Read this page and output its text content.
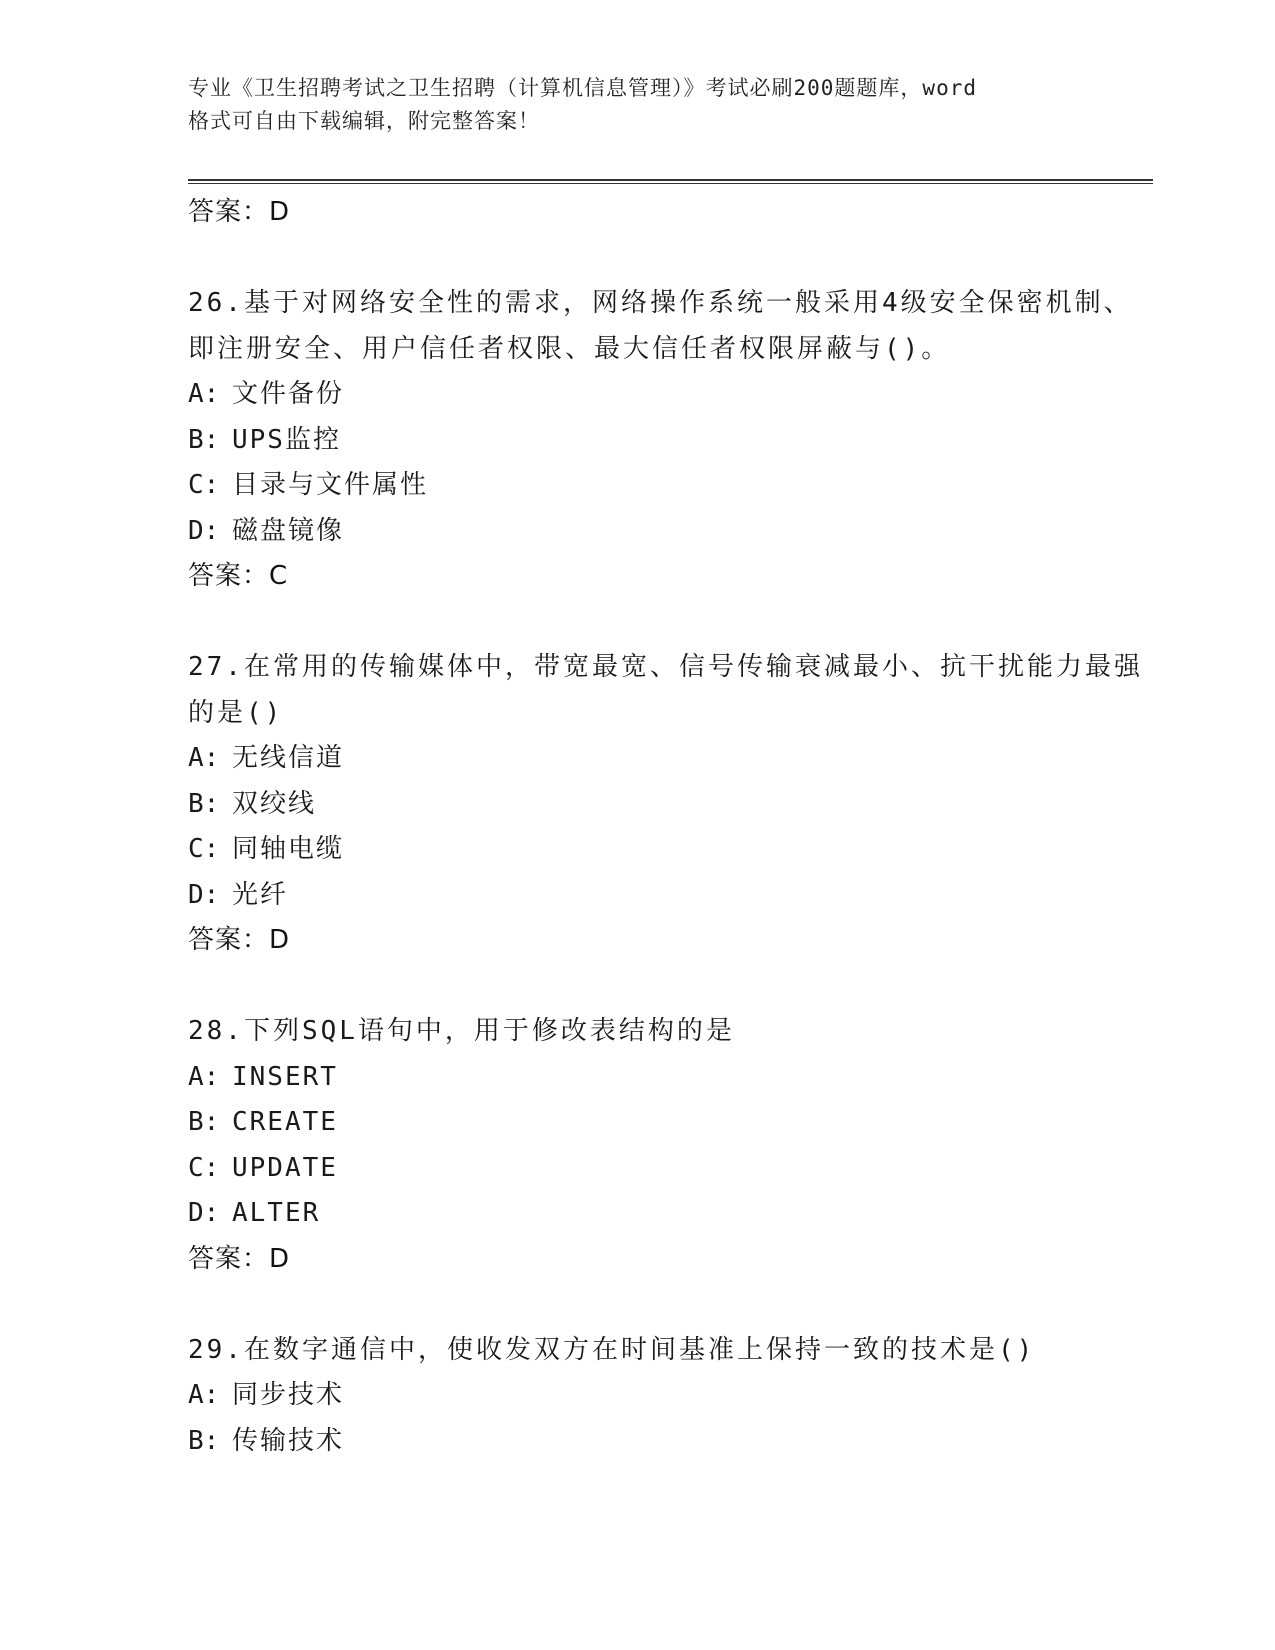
专业《卫生招聘考试之卫生招聘（计算机信息管理）》考试必刷200题题库，word
格式可自由下载编辑，附完整答案！
答案：D
26.基于对网络安全性的需求，网络操作系统一般采用4级安全保密机制、即注册安全、用户信任者权限、最大信任者权限屏蔽与()。
A: 文件备份
B: UPS监控
C: 目录与文件属性
D: 磁盘镜像
答案：C
27.在常用的传输媒体中，带宽最宽、信号传输衰减最小、抗干扰能力最强的是()
A: 无线信道
B: 双绞线
C: 同轴电缆
D: 光纤
答案：D
28.下列SQL语句中，用于修改表结构的是
A: INSERT
B: CREATE
C: UPDATE
D: ALTER
答案：D
29.在数字通信中，使收发双方在时间基准上保持一致的技术是()
A: 同步技术
B: 传输技术
